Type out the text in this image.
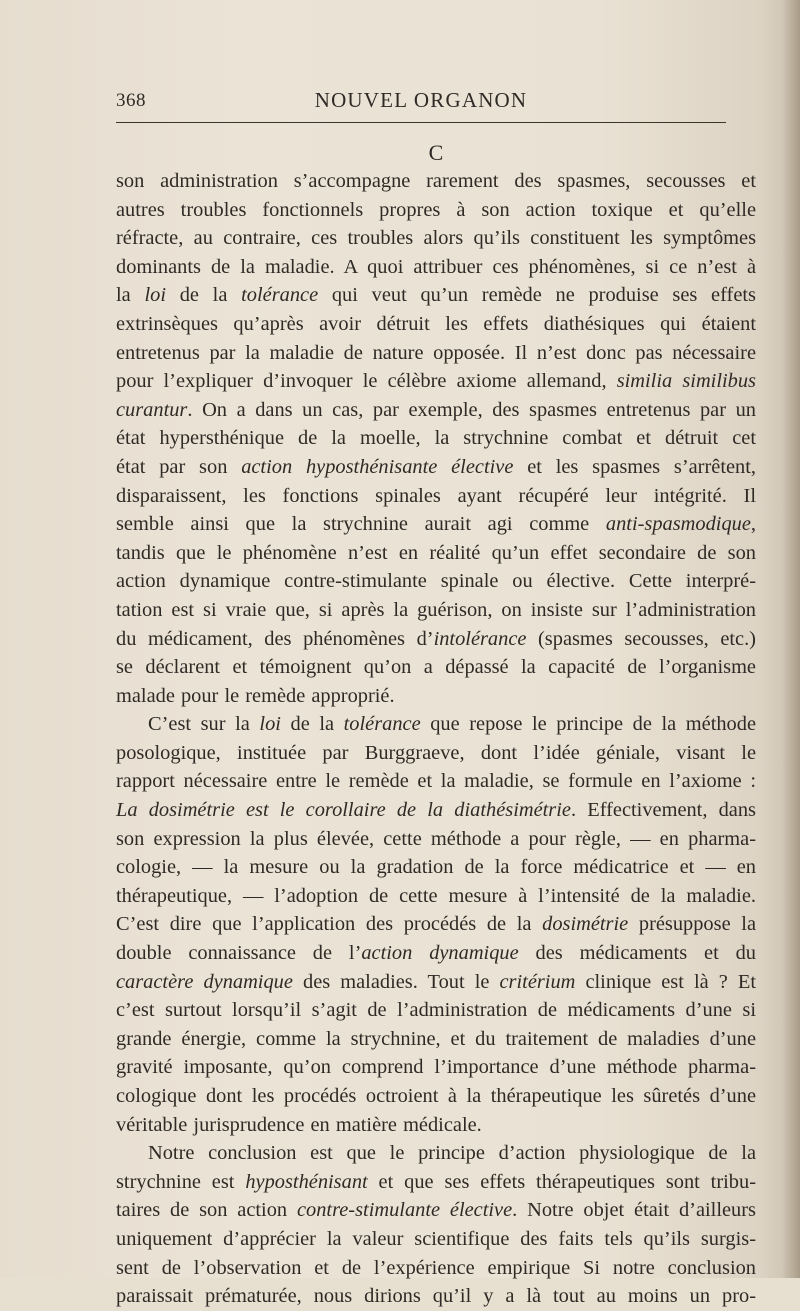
368	NOUVEL ORGANON
C
son administration s’accompagne rarement des spasmes, secousses et
autres troubles fonctionnels propres à son action toxique et qu’elle
réfracte, au contraire, ces troubles alors qu’ils constituent les symptômes
dominants de la maladie. A quoi attribuer ces phénomènes, si ce n’est à
la loi de la tolérance qui veut qu’un remède ne produise ses effets
extrinsèques qu’après avoir détruit les effets diathésiques qui étaient
entretenus par la maladie de nature opposée. Il n’est donc pas nécessaire
pour l’expliquer d’invoquer le célèbre axiome allemand, similia similibus
curantur. On a dans un cas, par exemple, des spasmes entretenus par un
état hypersthénique de la moelle, la strychnine combat et détruit cet
état par son action hyposthénisante élective et les spasmes s’arrêtent,
disparaissent, les fonctions spinales ayant récupéré leur intégrité. Il
semble ainsi que la strychnine aurait agi comme anti-spasmodique,
tandis que le phénomène n’est en réalité qu’un effet secondaire de son
action dynamique contre-stimulante spinale ou élective. Cette interpré-
tation est si vraie que, si après la guérison, on insiste sur l’administration
du médicament, des phénomènes d’intolérance (spasmes secousses, etc.)
se déclarent et témoignent qu’on a dépassé la capacité de l’organisme
malade pour le remède approprié.
C’est sur la loi de la tolérance que repose le principe de la méthode
posologique, instituée par Burggraeve, dont l’idée géniale, visant le
rapport nécessaire entre le remède et la maladie, se formule en l’axiome :
La dosimétrie est le corollaire de la diathésimétrie. Effectivement, dans
son expression la plus élevée, cette méthode a pour règle, — en pharma-
cologie, — la mesure ou la gradation de la force médicatrice et — en
thérapeutique, — l’adoption de cette mesure à l’intensité de la maladie.
C’est dire que l’application des procédés de la dosimétrie présuppose la
double connaissance de l’action dynamique des médicaments et du
caractère dynamique des maladies. Tout le critérium clinique est là ? Et
c’est surtout lorsqu’il s’agit de l’administration de médicaments d’une si
grande énergie, comme la strychnine, et du traitement de maladies d’une
gravité imposante, qu’on comprend l’importance d’une méthode pharma-
cologique dont les procédés octroient à la thérapeutique les sûretés d’une
véritable jurisprudence en matière médicale.
Notre conclusion est que le principe d’action physiologique de la
strychnine est hyposthénisant et que ses effets thérapeutiques sont tribu-
taires de son action contre-stimulante élective. Notre objet était d’ailleurs
uniquement d’apprécier la valeur scientifique des faits tels qu’ils surgis-
sent de l’observation et de l’expérience empirique Si notre conclusion
paraissait prématurée, nous dirions qu’il y a là tout au moins un pro-
